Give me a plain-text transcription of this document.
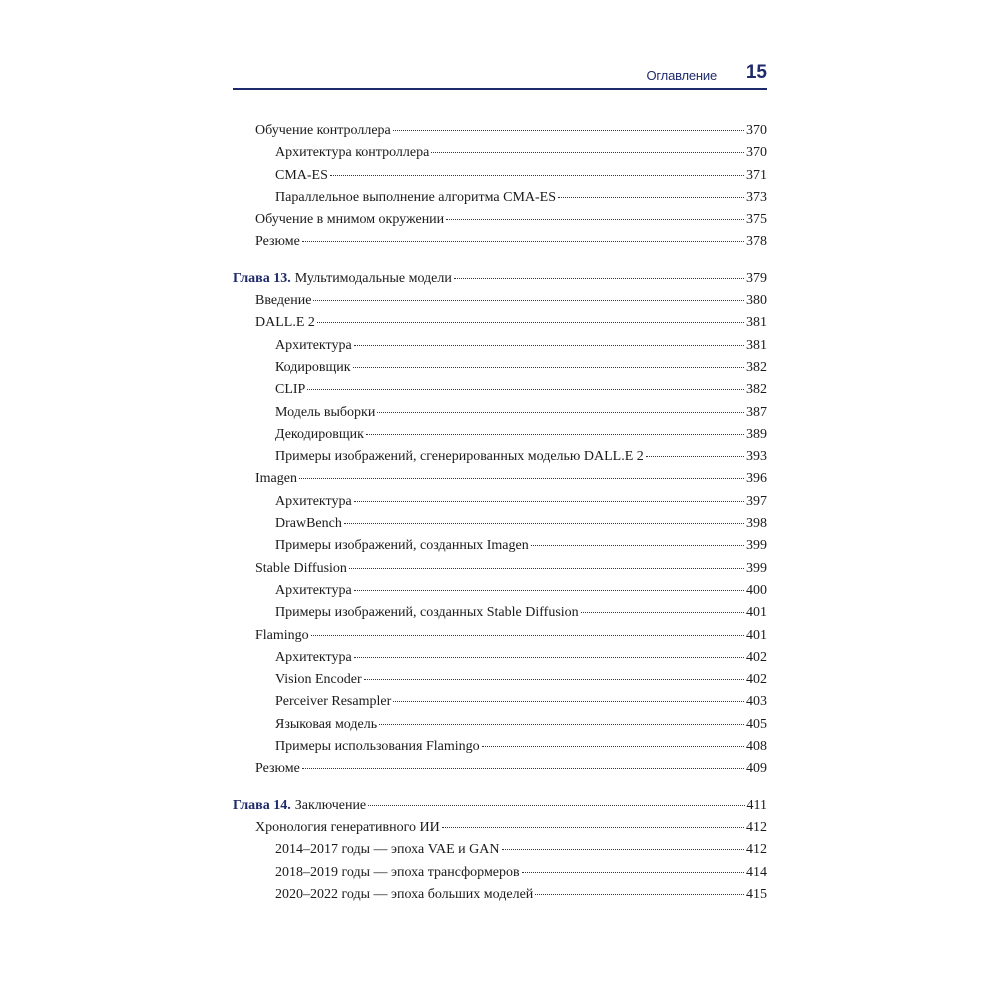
Оглавление 15
Обучение контроллера	370
Архитектура контроллера	370
CMA-ES	371
Параллельное выполнение алгоритма CMA-ES	373
Обучение в мнимом окружении	375
Резюме	378
Глава 13. Мультимодальные модели	379
Введение	380
DALL.E 2	381
Архитектура	381
Кодировщик	382
CLIP	382
Модель выборки	387
Декодировщик	389
Примеры изображений, сгенерированных моделью DALL.E 2	393
Imagen	396
Архитектура	397
DrawBench	398
Примеры изображений, созданных Imagen	399
Stable Diffusion	399
Архитектура	400
Примеры изображений, созданных Stable Diffusion	401
Flamingo	401
Архитектура	402
Vision Encoder	402
Perceiver Resampler	403
Языковая модель	405
Примеры использования Flamingo	408
Резюме	409
Глава 14. Заключение	411
Хронология генеративного ИИ	412
2014–2017 годы — эпоха VAE и GAN	412
2018–2019 годы — эпоха трансформеров	414
2020–2022 годы — эпоха больших моделей	415
